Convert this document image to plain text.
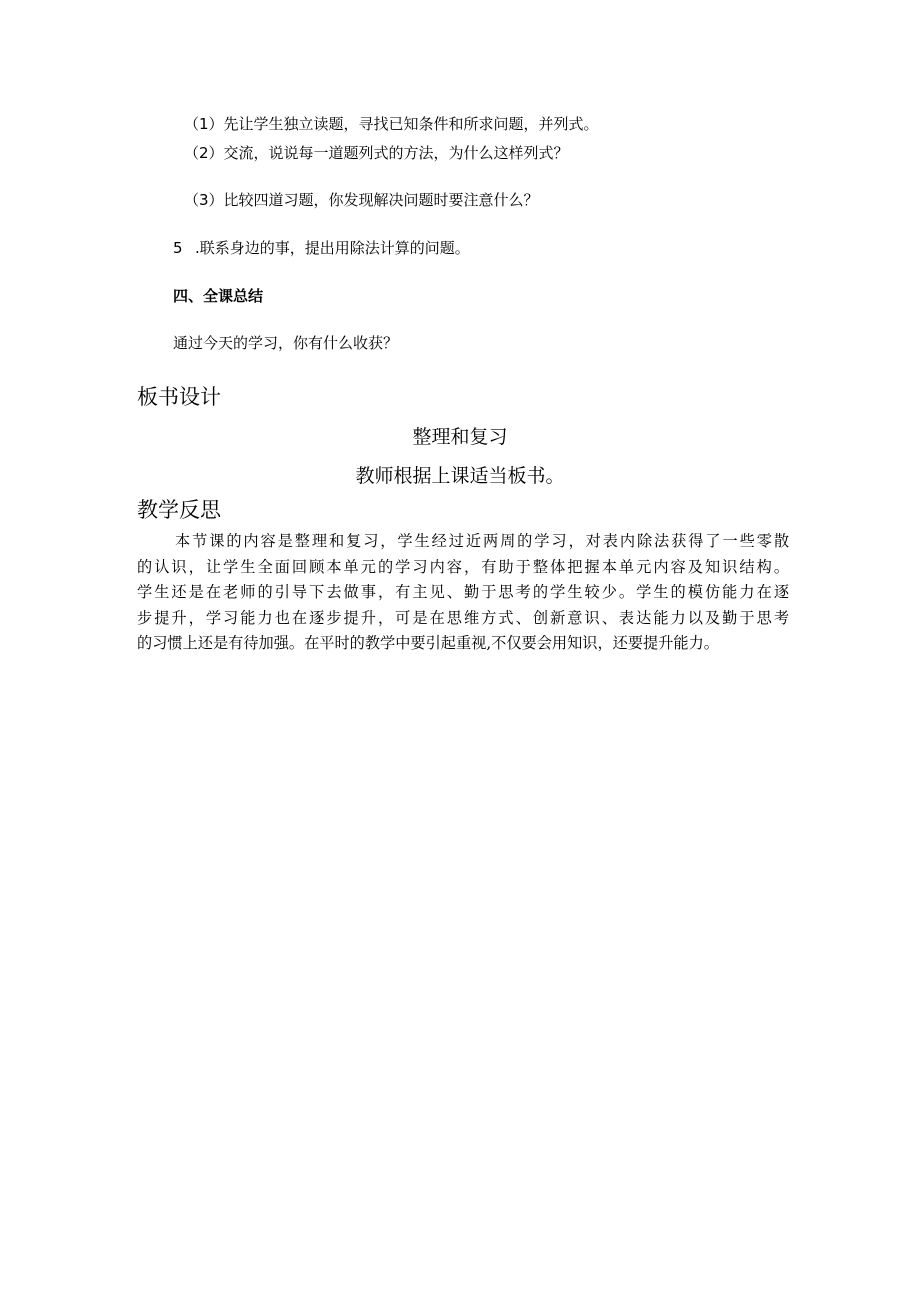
（1）先让学生独立读题，寻找已知条件和所求问题，并列式。
（2）交流，说说每一道题列式的方法，为什么这样列式？
（3）比较四道习题，你发现解决问题时要注意什么？
5 .联系身边的事，提出用除法计算的问题。
四、全课总结
通过今天的学习，你有什么收获？
板书设计
整理和复习
教师根据上课适当板书。
教学反思
本节课的内容是整理和复习，学生经过近两周的学习，对表内除法获得了一些零散
的认识，让学生全面回顾本单元的学习内容，有助于整体把握本单元内容及知识结构。
学生还是在老师的引导下去做事，有主见、勤于思考的学生较少。学生的模仿能力在逐
步提升，学习能力也在逐步提升，可是在思维方式、创新意识、表达能力以及勤于思考
的习惯上还是有待加强。在平时的教学中要引起重视,不仅要会用知识，还要提升能力。
